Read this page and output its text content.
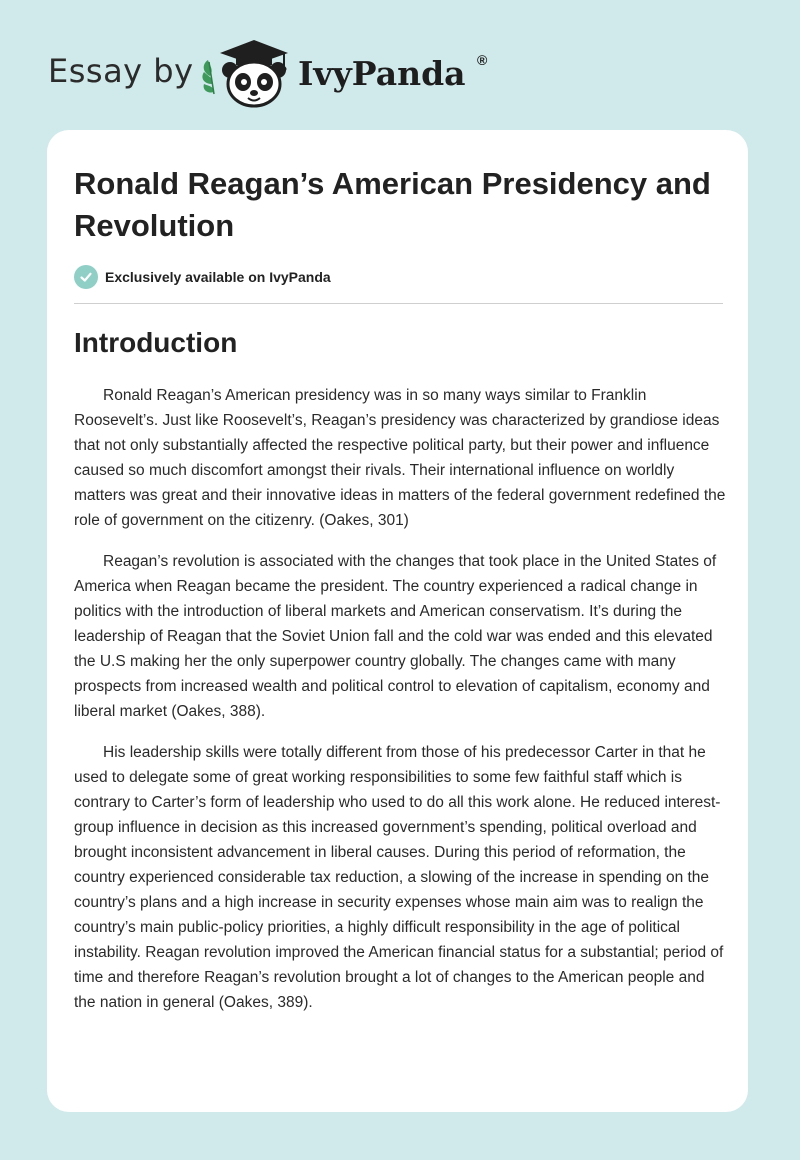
Essay by	IvyPanda ®
Ronald Reagan’s American Presidency and Revolution
Exclusively available on IvyPanda
Introduction

Ronald Reagan’s American presidency was in so many ways similar to Franklin Roosevelt’s. Just like Roosevelt’s, Reagan’s presidency was characterized by grandiose ideas that not only substantially affected the respective political party, but their power and influence caused so much discomfort amongst their rivals. Their international influence on worldly matters was great and their innovative ideas in matters of the federal government redefined the role of government on the citizenry. (Oakes, 301)

Reagan’s revolution is associated with the changes that took place in the United States of America when Reagan became the president. The country experienced a radical change in politics with the introduction of liberal markets and American conservatism. It’s during the leadership of Reagan that the Soviet Union fall and the cold war was ended and this elevated the U.S making her the only superpower country globally. The changes came with many prospects from increased wealth and political control to elevation of capitalism, economy and liberal market (Oakes, 388).

His leadership skills were totally different from those of his predecessor Carter in that he used to delegate some of great working responsibilities to some few faithful staff which is contrary to Carter’s form of leadership who used to do all this work alone. He reduced interest-group influence in decision as this increased government’s spending, political overload and brought inconsistent advancement in liberal causes. During this period of reformation, the country experienced considerable tax reduction, a slowing of the increase in spending on the country’s plans and a high increase in security expenses whose main aim was to realign the country’s main public-policy priorities, a highly difficult responsibility in the age of political instability. Reagan revolution improved the American financial status for a substantial; period of time and therefore Reagan’s revolution brought a lot of changes to the American people and the nation in general (Oakes, 389).
